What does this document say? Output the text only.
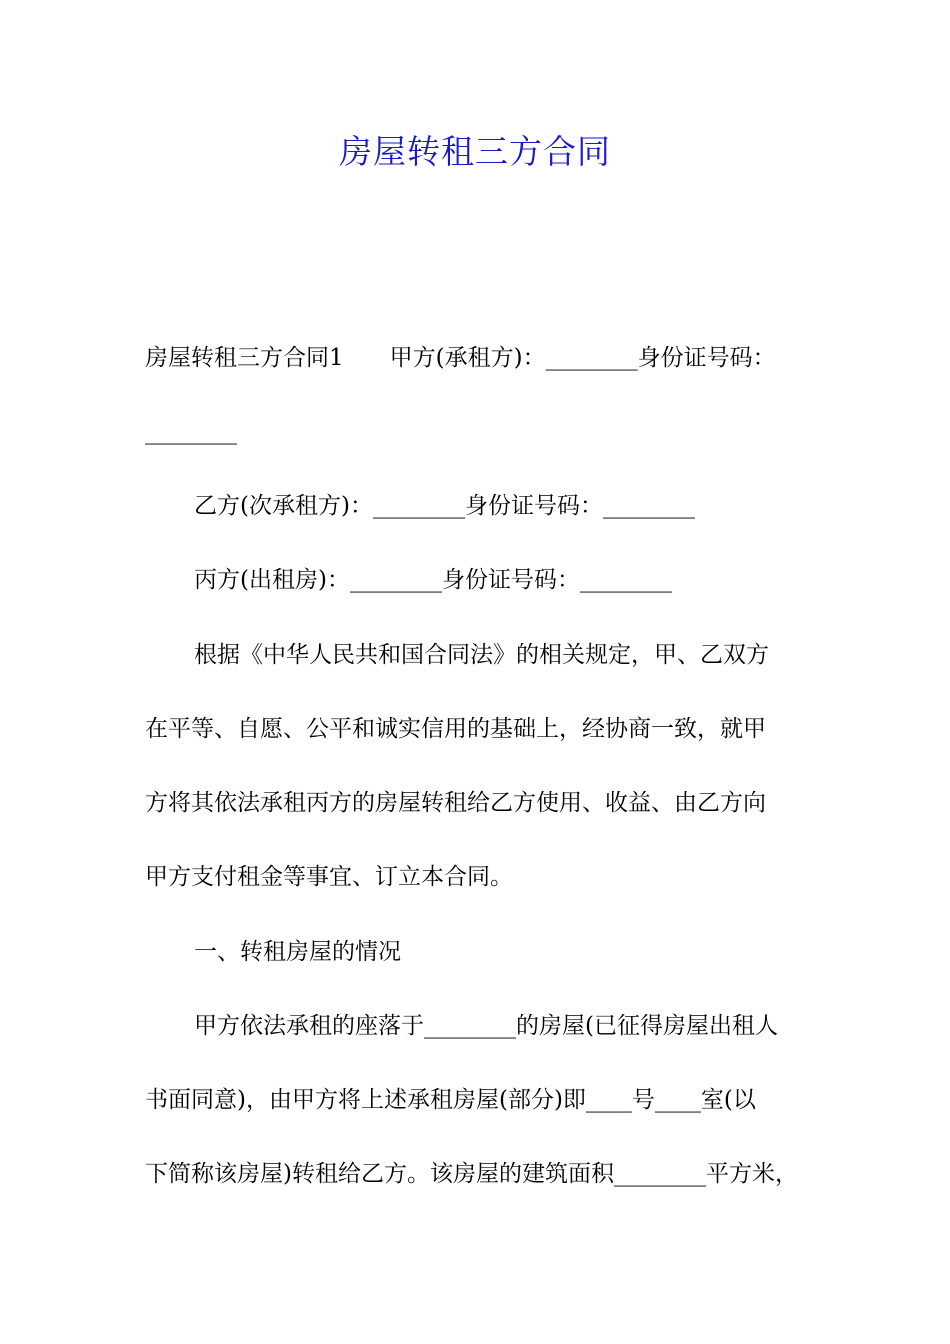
房屋转租三方合同
房屋转租三方合同1　　甲方(承租方)：________身份证号码：
________
乙方(次承租方)：________身份证号码：________
丙方(出租房)：________身份证号码：________
根据《中华人民共和国合同法》的相关规定，甲、乙双方
在平等、自愿、公平和诚实信用的基础上，经协商一致，就甲
方将其依法承租丙方的房屋转租给乙方使用、收益、由乙方向
甲方支付租金等事宜、订立本合同。
一、转租房屋的情况
甲方依法承租的座落于________的房屋(已征得房屋出租人
书面同意)，由甲方将上述承租房屋(部分)即____号____室(以
下简称该房屋)转租给乙方。该房屋的建筑面积________平方米，
